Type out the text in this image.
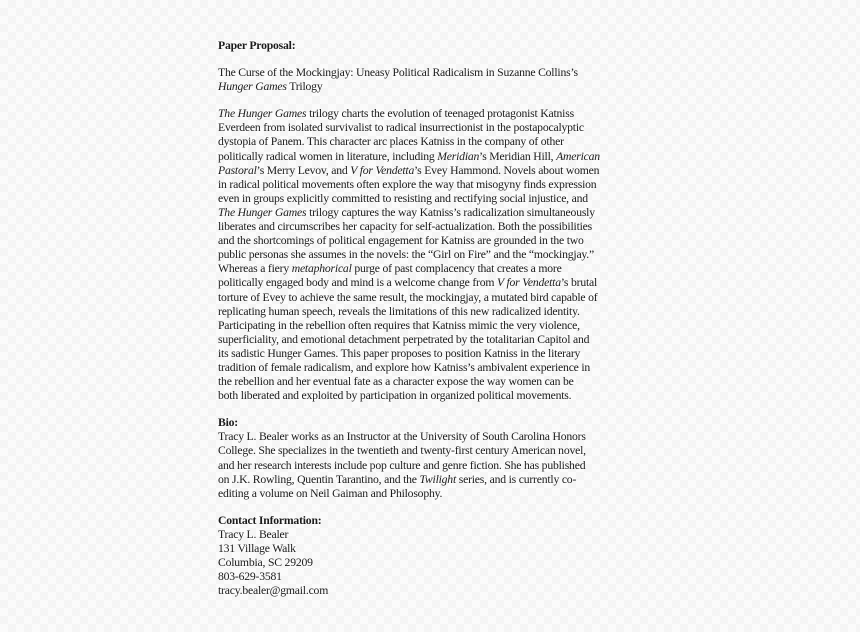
Paper Proposal:
The Curse of the Mockingjay: Uneasy Political Radicalism in Suzanne Collins’s
Hunger Games Trilogy
The Hunger Games trilogy charts the evolution of teenaged protagonist Katniss
Everdeen from isolated survivalist to radical insurrectionist in the postapocalyptic
dystopia of Panem. This character arc places Katniss in the company of other
politically radical women in literature, including Meridian’s Meridian Hill, American
Pastoral’s Merry Levov, and V for Vendetta’s Evey Hammond. Novels about women
in radical political movements often explore the way that misogyny finds expression
even in groups explicitly committed to resisting and rectifying social injustice, and
The Hunger Games trilogy captures the way Katniss’s radicalization simultaneously
liberates and circumscribes her capacity for self-actualization. Both the possibilities
and the shortcomings of political engagement for Katniss are grounded in the two
public personas she assumes in the novels: the “Girl on Fire” and the “mockingjay.”
Whereas a fiery metaphorical purge of past complacency that creates a more
politically engaged body and mind is a welcome change from V for Vendetta’s brutal
torture of Evey to achieve the same result, the mockingjay, a mutated bird capable of
replicating human speech, reveals the limitations of this new radicalized identity.
Participating in the rebellion often requires that Katniss mimic the very violence,
superficiality, and emotional detachment perpetrated by the totalitarian Capitol and
its sadistic Hunger Games. This paper proposes to position Katniss in the literary
tradition of female radicalism, and explore how Katniss’s ambivalent experience in
the rebellion and her eventual fate as a character expose the way women can be
both liberated and exploited by participation in organized political movements.
Bio:
Tracy L. Bealer works as an Instructor at the University of South Carolina Honors
College. She specializes in the twentieth and twenty-first century American novel,
and her research interests include pop culture and genre fiction. She has published
on J.K. Rowling, Quentin Tarantino, and the Twilight series, and is currently co-
editing a volume on Neil Gaiman and Philosophy.
Contact Information:
Tracy L. Bealer
131 Village Walk
Columbia, SC 29209
803-629-3581
tracy.bealer@gmail.com
